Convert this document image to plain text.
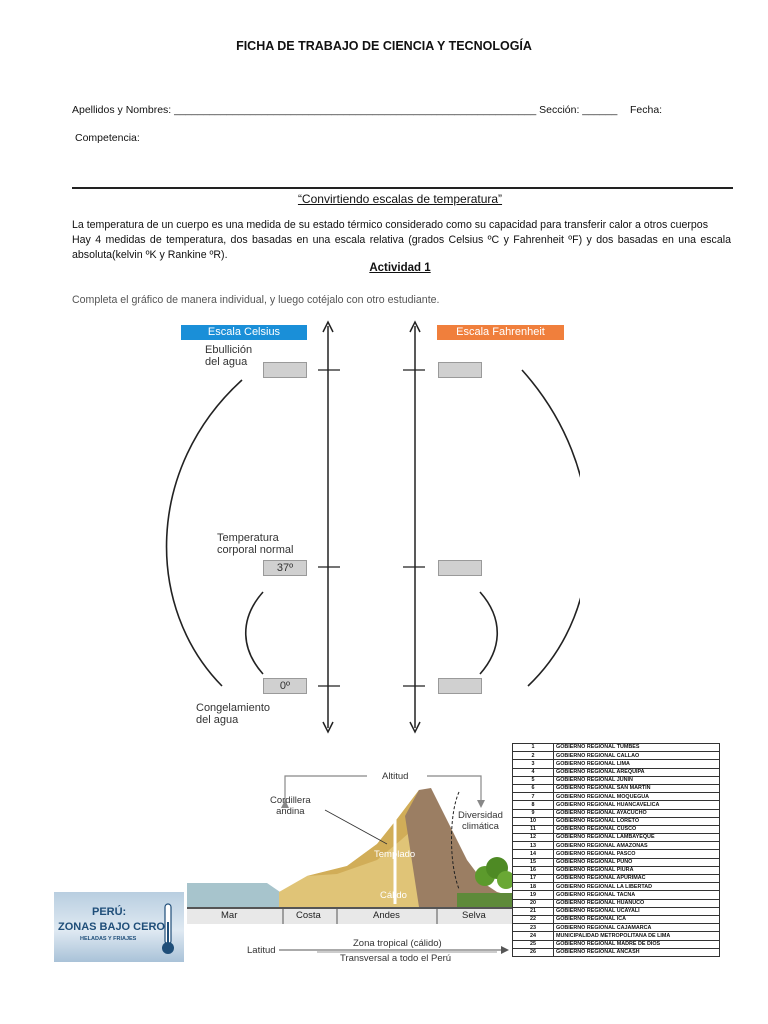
FICHA DE TRABAJO DE CIENCIA Y TECNOLOGÍA
Apellidos y Nombres: ______________________________________________________________ Sección: ______ Fecha:
Competencia:
“Convirtiendo escalas de temperatura”
La temperatura de un cuerpo es una medida de su estado térmico considerado como su capacidad para transferir calor a otros cuerpos
Hay 4 medidas de temperatura, dos basadas en una escala relativa (grados Celsius ºC y Fahrenheit ºF) y dos basadas en una escala absoluta(kelvin ºK y Rankine ºR).
Actividad 1
Completa el gráfico de manera individual, y luego cotéjalo con otro estudiante.
Escala Celsius	Escala Fahrenheit
Ebullición
del agua
Temperatura
corporal normal
Congelamiento
del agua
37º
0º
Altitud
Cordillera
andina	Frío
Templado
Cálido
Diversidad
climática
Mar	Costa	Andes	Selva
Latitud
Zona tropical (cálido)
Transversal a todo el Perú
PERÚ:
ZONAS BAJO CERO
HELADAS Y FRIAJES
1	GOBIERNO REGIONAL TUMBES
2	GOBIERNO REGIONAL CALLAO
3	GOBIERNO REGIONAL LIMA
4	GOBIERNO REGIONAL AREQUIPA
5	GOBIERNO REGIONAL JUNIN
6	GOBIERNO REGIONAL SAN MARTIN
7	GOBIERNO REGIONAL MOQUEGUA
8	GOBIERNO REGIONAL HUANCAVELICA
9	GOBIERNO REGIONAL AYACUCHO
10	GOBIERNO REGIONAL LORETO
11	GOBIERNO REGIONAL CUSCO
12	GOBIERNO REGIONAL LAMBAYEQUE
13	GOBIERNO REGIONAL AMAZONAS
14	GOBIERNO REGIONAL PASCO
15	GOBIERNO REGIONAL PUNO
16	GOBIERNO REGIONAL PIURA
17	GOBIERNO REGIONAL APURIMAC
18	GOBIERNO REGIONAL LA LIBERTAD
19	GOBIERNO REGIONAL TACNA
20	GOBIERNO REGIONAL HUANUCO
21	GOBIERNO REGIONAL UCAYALI
22	GOBIERNO REGIONAL ICA
23	GOBIERNO REGIONAL CAJAMARCA
24	MUNICIPALIDAD METROPOLITANA DE LIMA
25	GOBIERNO REGIONAL MADRE DE DIOS
26	GOBIERNO REGIONAL ANCASH
